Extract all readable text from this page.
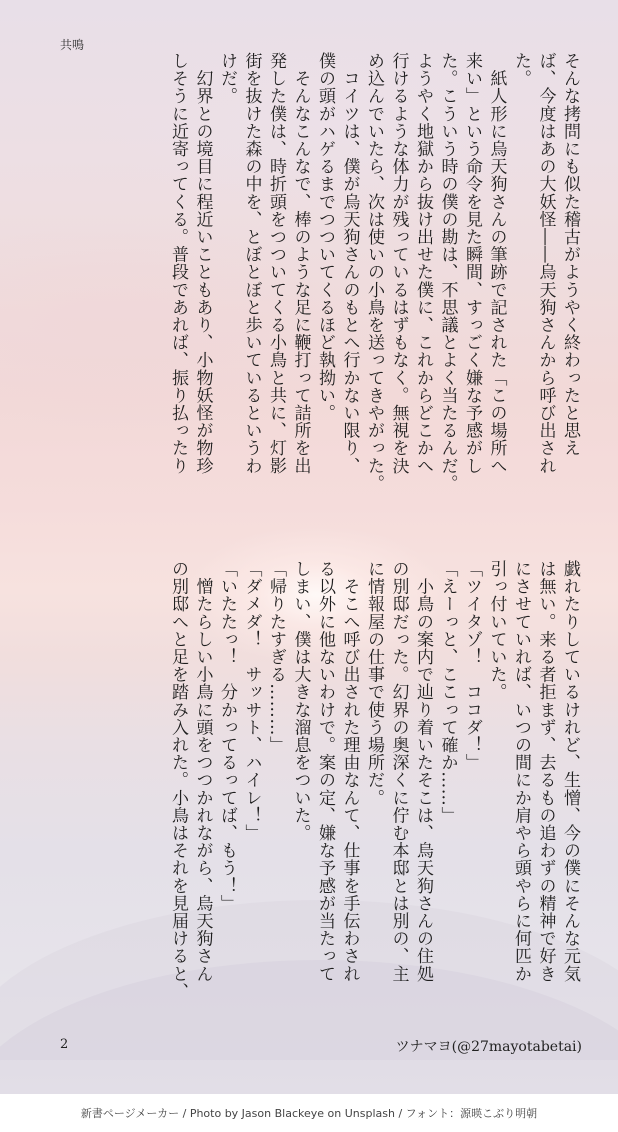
共鳴
そんな拷問にも似た稽古がようやく終わったと思え
ば、今度はあの大妖怪――烏天狗さんから呼び出され
た。
　紙人形に烏天狗さんの筆跡で記された「この場所へ
来い」という命令を見た瞬間、すっごく嫌な予感がし
た。こういう時の僕の勘は、不思議とよく当たるんだ。
ようやく地獄から抜け出せた僕に、これからどこかへ
行けるような体力が残っているはずもなく。無視を決
め込んでいたら、次は使いの小鳥を送ってきやがった。
　コイツは、僕が烏天狗さんのもとへ行かない限り、
僕の頭がハゲるまでつついてくるほど執拗い。
　そんなこんなで、棒のような足に鞭打って詰所を出
発した僕は、時折頭をつついてくる小鳥と共に、灯影
街を抜けた森の中を、とぼとぼと歩いているというわ
けだ。
　幻界との境目に程近いこともあり、小物妖怪が物珍
しそうに近寄ってくる。普段であれば、振り払ったり
戯れたりしているけれど、生憎、今の僕にそんな元気
は無い。来る者拒まず、去るもの追わずの精神で好き
にさせていれば、いつの間にか肩やら頭やらに何匹か
引っ付いていた。
「ツイタゾ！　ココダ！」
「えーっと、ここって確か……」
　小鳥の案内で辿り着いたそこは、烏天狗さんの住処
の別邸だった。幻界の奥深くに佇む本邸とは別の、主
に情報屋の仕事で使う場所だ。
　そこへ呼び出された理由なんて、仕事を手伝わされ
る以外に他ないわけで。案の定、嫌な予感が当たって
しまい、僕は大きな溜息をついた。
「帰りたすぎる………」
「ダメダ！　サッサト、ハイレ！」
「いたたっ！　分かってるってば、もう！」
　憎たらしい小鳥に頭をつつかれながら、烏天狗さん
の別邸へと足を踏み入れた。小鳥はそれを見届けると、
2	ツナマヨ(@27mayotabetai)
新書ページメーカー / Photo by Jason Blackeye on Unsplash / フォント：源暎こぶり明朝
